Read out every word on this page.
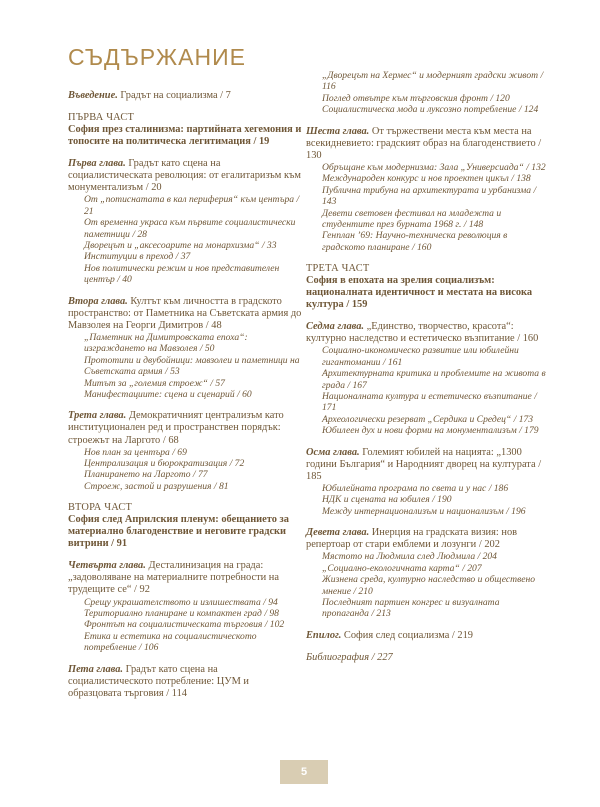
СЪДЪРЖАНИЕ
Въведение. Градът на социализма / 7
ПЪРВА ЧАСТ
София през сталинизма: партийната хегемония и топосите на политическа легитимация / 19
Първа глава. Градът като сцена на социалистическата революция: от егалитаризъм към монументализъм / 20
От „потиснатата в кал периферия“ към центъра / 21
От временна украса към първите социалистически паметници / 28
Дворецът и „аксесоарите на монархизма“ / 33
Институции в преход / 37
Нов политически режим и нов представителен център / 40
Втора глава. Култът към личността в градското пространство: от Паметника на Съветската армия до Мавзолея на Георги Димитров / 48
„Паметник на Димитровската епоха“: изграждането на Мавзолея / 50
Прототипи и двубойници: мавзолеи и паметници на Съветската армия / 53
Митът за „големия строеж“ / 57
Манифестациите: сцена и сценарий / 60
Трета глава. Демократичният централизъм като институционален ред и пространствен порядък: строежът на Ларгото / 68
Нов план за центъра / 69
Централизация и бюрократизация / 72
Планирането на Ларгото / 77
Строеж, застой и разрушения / 81
ВТОРА ЧАСТ
София след Априлския пленум: обещанието за материално благоденствие и неговите градски витрини / 91
Четвърта глава. Десталинизация на града: „задоволяване на материалните потребности на трудещите се“ / 92
Срещу украшателството и излишествата / 94
Териториално планиране и компактен град / 98
Фронтът на социалистическата търговия / 102
Етика и естетика на социалистическото потребление / 106
Пета глава. Градът като сцена на социалистическото потребление: ЦУМ и образцовата търговия / 114
„Дворецът на Хермес“ и модерният градски живот / 116
Поглед отвътре към търговския фронт / 120
Социалистическа мода и луксозно потребление / 124
Шеста глава. От тържествени места към места на всекидневието: градският образ на благоденствието / 130
Обръщане към модернизма: Зала „Универсиада“ / 132
Международен конкурс и нов проектен цикъл / 138
Публична трибуна на архитектурата и урбанизма / 143
Девети световен фестивал на младежта и студентите през бурната 1968 г. / 148
Генплан ’69: Научно-техническа революция в градското планиране / 160
ТРЕТА ЧАСТ
София в епохата на зрелия социализъм: националната идентичност и местата на висока култура / 159
Седма глава. „Единство, творчество, красота“: културно наследство и естетическо възпитание / 160
Социално-икономическо развитие или юбилейни гигантомании / 161
Архитектурната критика и проблемите на живота в града / 167
Националната култура и естетическо възпитание / 171
Археологически резерват „Сердика и Средец“ / 173
Юбилеен дух и нови форми на монументализъм / 179
Осма глава. Големият юбилей на нацията: „1300 години България“ и Народният дворец на културата / 185
Юбилейната програма по света и у нас / 186
НДК и сцената на юбилея / 190
Между интернационализъм и национализъм / 196
Девета глава. Инерция на градската визия: нов репертоар от стари емблеми и лозунги / 202
Мястото на Людмила след Людмила / 204
„Социално-екологичната карта“ / 207
Жизнена среда, културно наследство и обществено мнение / 210
Последният партиен конгрес и визуалната пропаганда / 213
Епилог. София след социализма / 219
Библиография / 227
5
